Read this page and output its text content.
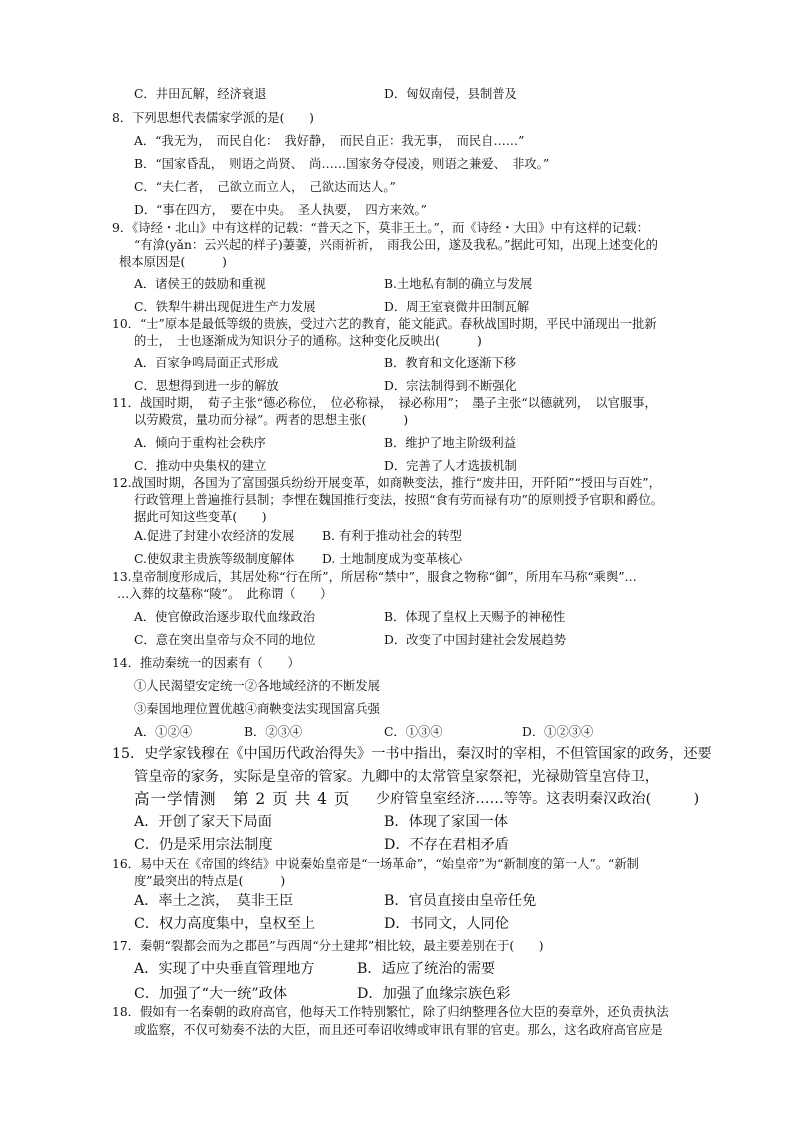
C．井田瓦解，经济衰退	D．匈奴南侵，县制普及
8．下列思想代表儒家学派的是(　　)
A．“我无为，　而民自化：　我好静，　而民自正：我无事，　而民自……”
B．“国家昏乱，　则语之尚贤、　尚……国家务夺侵凌，则语之兼爱、　非攻。”
C．“夫仁者，　己欲立而立人，　己欲达而达人。”
D．“事在四方，　要在中央。　圣人执要，　四方来效。”
9．《诗经・北山》中有这样的记载：“普天之下，莫非王土。”，而《诗经・大田》中有这样的记载：
“有渰(yǎn：云兴起的样子)萋萋，兴雨祈祈，　雨我公田，遂及我私。”据此可知，出现上述变化的
根本原因是(　　　)
A．诸侯王的鼓励和重视	B.土地私有制的确立与发展
C．铁犁牛耕出现促进生产力发展	D．周王室衰微井田制瓦解
10．“士”原本是最低等级的贵族，受过六艺的教育，能文能武。春秋战国时期，平民中涌现出一批新
的士，　士也逐渐成为知识分子的通称。这种变化反映出(　　　)
A．百家争鸣局面正式形成	B．教育和文化逐渐下移
C．思想得到进一步的解放	D．宗法制得到不断强化
11．战国时期，　荀子主张“德必称位，　位必称禄，　禄必称用”；　墨子主张“以德就列，　以官服事，
以劳殿赏，量功而分禄”。两者的思想主张(　　　)
A．倾向于重构社会秩序	B．维护了地主阶级利益
C．推动中央集权的建立	D．完善了人才选拔机制
12.战国时期，各国为了富国强兵纷纷开展变革，如商鞅变法，推行“废井田，开阡陌”“授田与百姓”，
行政管理上普遍推行县制；李悝在魏国推行变法，按照“食有劳而禄有功”的原则授予官职和爵位。
据此可知这些变革(　　)
A.促进了封建小农经济的发展 B. 有利于推动社会的转型
C.使奴隶主贵族等级制度解体 D. 土地制度成为变革核心
13.皇帝制度形成后，其居处称“行在所”，所居称“禁中”，服食之物称“御”，所用车马称“乘舆”…
…入葬的坟墓称“陵”。　此称谓（　　）
A．使官僚政治逐步取代血缘政治	B．体现了皇权上天赐予的神秘性
C．意在突出皇帝与众不同的地位	D．改变了中国封建社会发展趋势
14．推动秦统一的因素有（　　）
①人民渴望安定统一②各地域经济的不断发展
③秦国地理位置优越④商鞅变法实现国富兵强
A．①②④	B．②③④	C．①③④	D．①②③④
15．史学家钱穆在《中国历代政治得失》一书中指出，秦汉时的宰相，不但管国家的政务，还要
管皇帝的家务，实际是皇帝的管家。九卿中的太常管皇家祭祀，光禄勋管皇宫侍卫，
高一学情测　第 2 页 共 4 页 少府管皇室经济……等等。这表明秦汉政治(　　　)
A．开创了家天下局面	B．体现了家国一体
C．仍是采用宗法制度	D．不存在君相矛盾
16．易中天在《帝国的终结》中说秦始皇帝是“一场革命”，“始皇帝”为“新制度的第一人”。“新制
度”最突出的特点是(　　　)
A．率土之滨，　莫非王臣	B．官员直接由皇帝任免
C．权力高度集中，皇权至上	D．书同文，人同伦
17．秦朝“裂都会而为之郡邑”与西周“分土建邦”相比较，最主要差别在于(　　)
A．实现了中央垂直管理地方	B．适应了统治的需要
C．加强了“大一统”政体	D．加强了血缘宗族色彩
18．假如有一名秦朝的政府高官，他每天工作特别繁忙，除了归纳整理各位大臣的奏章外，还负责执法
或监察，不仅可劾奏不法的大臣，而且还可奉诏收缚或审讯有罪的官吏。那么，这名政府高官应是
